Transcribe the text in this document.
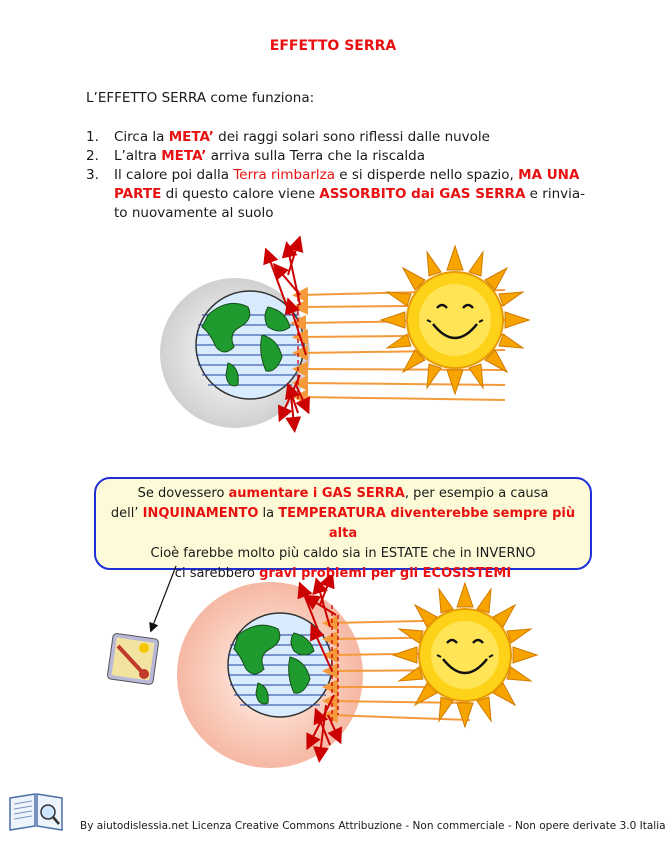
EFFETTO SERRA
L’EFFETTO SERRA come funziona:
1.	Circa la META’ dei raggi solari sono riflessi dalle nuvole
2.	L’altra META’ arriva sulla Terra che la riscalda
3.	Il calore poi dalla Terra rimbarlza e si disperde nello spazio, MA UNA PARTE di questo calore viene ASSORBITO dai GAS SERRA e rinvia-to nuovamente al suolo
Se dovessero aumentare i GAS SERRA, per esempio a causa
dell’ INQUINAMENTO la TEMPERATURA diventerebbe sempre più alta
Cioè farebbe molto più caldo sia in ESTATE che in INVERNO
ci sarebbero gravi problemi per gli ECOSISTEMI
By aiutodislessia.net Licenza Creative Commons Attribuzione - Non commerciale - Non opere derivate 3.0 Italia
